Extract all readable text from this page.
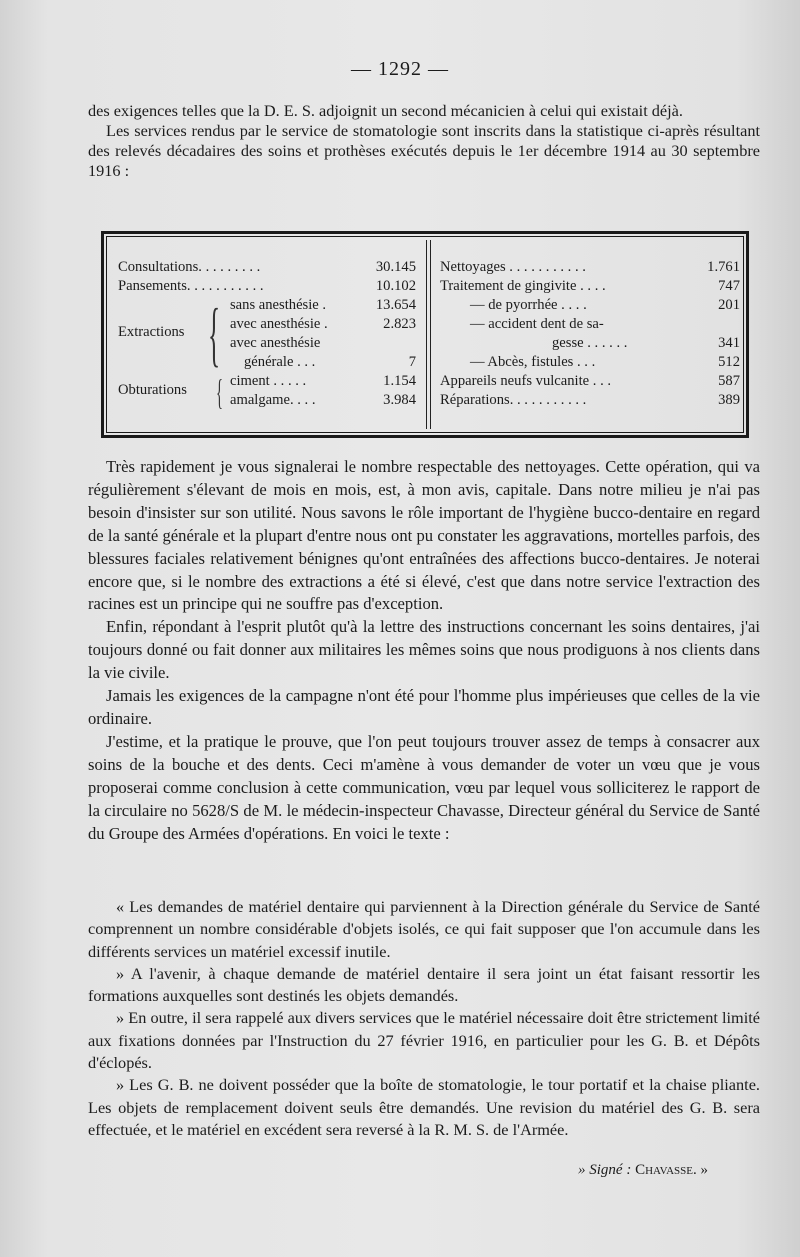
— 1292 —

des exigences telles que la D. E. S. adjoignit un second mécanicien à celui qui existait déjà.

Les services rendus par le service de stomatologie sont inscrits dans la statistique ci-après résultant des relevés décadaires des soins et prothèses exécutés depuis le 1er décembre 1914 au 30 septembre 1916 :

Consultations. . . . . . . . .	30.145
Pansements. . . . . . . . . . .	10.102
Extractions { sans anesthésie .	13.654
avec anesthésie .	2.823
avec anesthésie
générale . . .	7
Obturations { ciment . . . . .	1.154
amalgame. . . .	3.984
Nettoyages . . . . . . . . . . .	1.761
Traitement de gingivite . . . .	747
— de pyorrhée . . . .	201
— accident dent de sa-
gesse . . . . . .	341
— Abcès, fistules . . .	512
Appareils neufs vulcanite . . .	587
Réparations. . . . . . . . . . .	389

Très rapidement je vous signalerai le nombre respectable des nettoyages. Cette opération, qui va régulièrement s'élevant de mois en mois, est, à mon avis, capitale. Dans notre milieu je n'ai pas besoin d'insister sur son utilité. Nous savons le rôle important de l'hygiène bucco-dentaire en regard de la santé générale et la plupart d'entre nous ont pu constater les aggravations, mortelles parfois, des blessures faciales relativement bénignes qu'ont entraînées des affections bucco-dentaires. Je noterai encore que, si le nombre des extractions a été si élevé, c'est que dans notre service l'extraction des racines est un principe qui ne souffre pas d'exception.

Enfin, répondant à l'esprit plutôt qu'à la lettre des instructions concernant les soins dentaires, j'ai toujours donné ou fait donner aux militaires les mêmes soins que nous prodiguons à nos clients dans la vie civile.

Jamais les exigences de la campagne n'ont été pour l'homme plus impérieuses que celles de la vie ordinaire.

J'estime, et la pratique le prouve, que l'on peut toujours trouver assez de temps à consacrer aux soins de la bouche et des dents. Ceci m'amène à vous demander de voter un vœu que je vous proposerai comme conclusion à cette communication, vœu par lequel vous solliciterez le rapport de la circulaire no 5628/S de M. le médecin-inspecteur Chavasse, Directeur général du Service de Santé du Groupe des Armées d'opérations. En voici le texte :

« Les demandes de matériel dentaire qui parviennent à la Direction générale du Service de Santé comprennent un nombre considérable d'objets isolés, ce qui fait supposer que l'on accumule dans les différents services un matériel excessif inutile.

» A l'avenir, à chaque demande de matériel dentaire il sera joint un état faisant ressortir les formations auxquelles sont destinés les objets demandés.

» En outre, il sera rappelé aux divers services que le matériel nécessaire doit être strictement limité aux fixations données par l'Instruction du 27 février 1916, en particulier pour les G. B. et Dépôts d'éclopés.

» Les G. B. ne doivent posséder que la boîte de stomatologie, le tour portatif et la chaise pliante. Les objets de remplacement doivent seuls être demandés. Une revision du matériel des G. B. sera effectuée, et le matériel en excédent sera reversé à la R. M. S. de l'Armée.

» Signé : Chavasse. »
